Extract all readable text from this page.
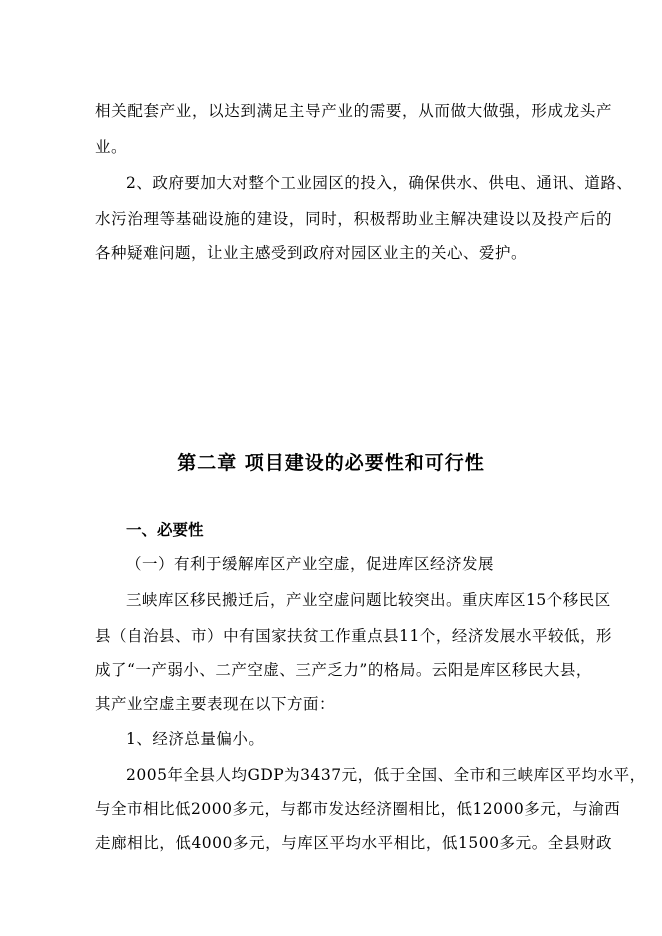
相关配套产业，以达到满足主导产业的需要，从而做大做强，形成龙头产
业。
2、政府要加大对整个工业园区的投入，确保供水、供电、通讯、道路、
水污治理等基础设施的建设，同时，积极帮助业主解决建设以及投产后的
各种疑难问题，让业主感受到政府对园区业主的关心、爱护。
第二章 项目建设的必要性和可行性
一、必要性
（一）有利于缓解库区产业空虚，促进库区经济发展
三峡库区移民搬迁后，产业空虚问题比较突出。重庆库区15个移民区
县（自治县、市）中有国家扶贫工作重点县11个，经济发展水平较低，形
成了“一产弱小、二产空虚、三产乏力”的格局。云阳是库区移民大县，
其产业空虚主要表现在以下方面：
1、经济总量偏小。
2005年全县人均GDP为3437元，低于全国、全市和三峡库区平均水平，
与全市相比低2000多元，与都市发达经济圈相比，低12000多元，与渝西
走廊相比，低4000多元，与库区平均水平相比，低1500多元。全县财政
